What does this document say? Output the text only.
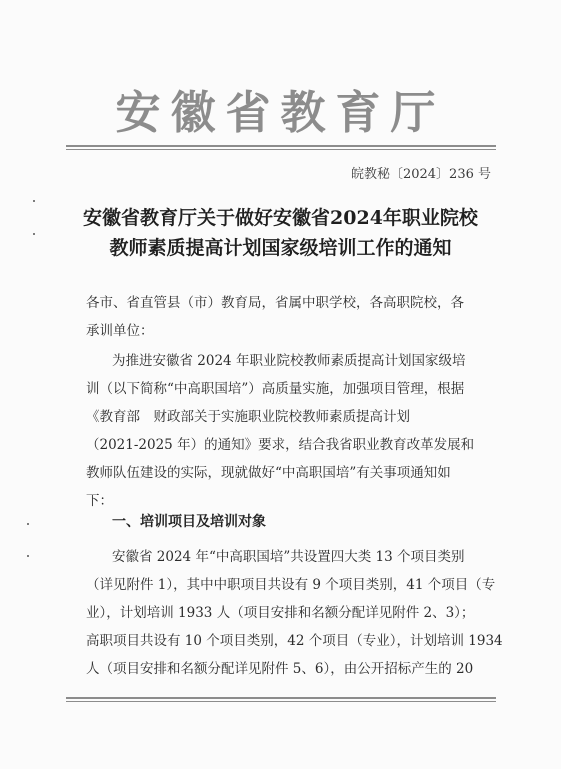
安徽省教育厅
皖教秘〔2024〕236 号
安徽省教育厅关于做好安徽省2024年职业院校
教师素质提高计划国家级培训工作的通知
各市、省直管县（市）教育局，省属中职学校，各高职院校，各
承训单位：
为推进安徽省 2024 年职业院校教师素质提高计划国家级培
训（以下简称“中高职国培”）高质量实施，加强项目管理，根据
《教育部　财政部关于实施职业院校教师素质提高计划
（2021-2025 年）的通知》要求，结合我省职业教育改革发展和
教师队伍建设的实际，现就做好“中高职国培”有关事项通知如
下：
一、培训项目及培训对象
安徽省 2024 年“中高职国培”共设置四大类 13 个项目类别
（详见附件 1），其中中职项目共设有 9 个项目类别，41 个项目（专
业），计划培训 1933 人（项目安排和名额分配详见附件 2、3）；
高职项目共设有 10 个项目类别，42 个项目（专业），计划培训 1934
人（项目安排和名额分配详见附件 5、6），由公开招标产生的 20
